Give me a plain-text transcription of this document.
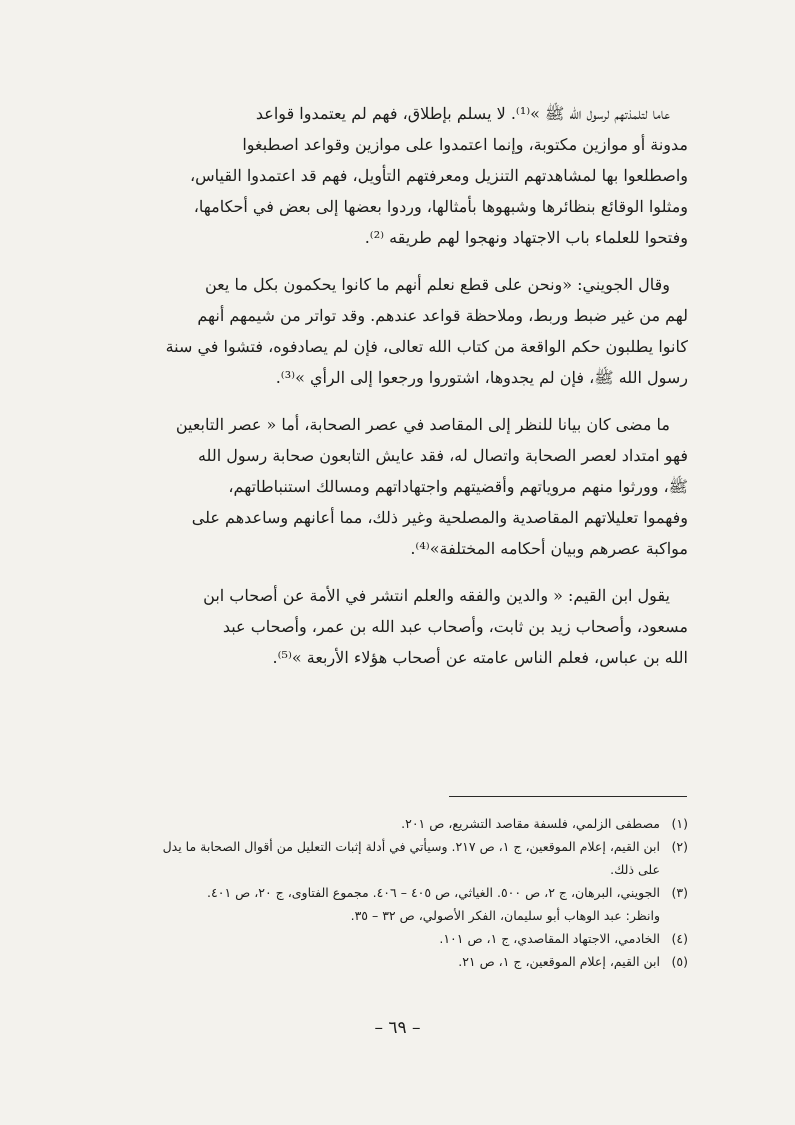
عاما لتلمذتهم لرسول الله ﷺ »⁽¹⁾. لا يسلم بإطلاق، فهم لم يعتمدوا قواعد
مدونة أو موازين مكتوبة، وإنما اعتمدوا على موازين وقواعد اصطبغوا
واصطلعوا بها لمشاهدتهم التنزيل ومعرفتهم التأويل، فهم قد اعتمدوا القياس،
ومثلوا الوقائع بنظائرها وشبهوها بأمثالها، وردوا بعضها إلى بعض في أحكامها،
وفتحوا للعلماء باب الاجتهاد ونهجوا لهم طريقه ⁽²⁾.

وقال الجويني: «ونحن على قطع نعلم أنهم ما كانوا يحكمون بكل ما يعن
لهم من غير ضبط وربط، وملاحظة قواعد عندهم. وقد تواتر من شيمهم أنهم
كانوا يطلبون حكم الواقعة من كتاب الله تعالى، فإن لم يصادفوه، فتشوا في سنة
رسول الله ﷺ، فإن لم يجدوها، اشتوروا ورجعوا إلى الرأي »⁽³⁾.

ما مضى كان بيانا للنظر إلى المقاصد في عصر الصحابة، أما « عصر التابعين
فهو امتداد لعصر الصحابة واتصال له، فقد عايش التابعون صحابة رسول الله
ﷺ، وورثوا منهم مروياتهم وأقضيتهم واجتهاداتهم ومسالك استنباطاتهم،
وفهموا تعليلاتهم المقاصدية والمصلحية وغير ذلك، مما أعانهم وساعدهم على
مواكبة عصرهم وبيان أحكامه المختلفة»⁽⁴⁾.

يقول ابن القيم: « والدين والفقه والعلم انتشر في الأمة عن أصحاب ابن
مسعود، وأصحاب زيد بن ثابت، وأصحاب عبد الله بن عمر، وأصحاب عبد
الله بن عباس، فعلم الناس عامته عن أصحاب هؤلاء الأربعة »⁽⁵⁾.

(١)
مصطفى الزلمي، فلسفة مقاصد التشريع، ص ٢٠١.
(٢)
ابن القيم، إعلام الموقعين، ج ١، ص ٢١٧. وسيأتي في أدلة إثبات التعليل من أقوال الصحابة ما يدل
على ذلك.
(٣)
الجويني، البرهان، ج ٢، ص ٥٠٠. الغياثي، ص ٤٠٥ – ٤٠٦. مجموع الفتاوى، ج ٢٠، ص ٤٠١.
وانظر: عبد الوهاب أبو سليمان، الفكر الأصولي، ص ٣٢ – ٣٥.
(٤)
الخادمي، الاجتهاد المقاصدي، ج ١، ص ١٠١.
(٥)
ابن القيم، إعلام الموقعين، ج ١، ص ٢١.
– ٦٩ –
